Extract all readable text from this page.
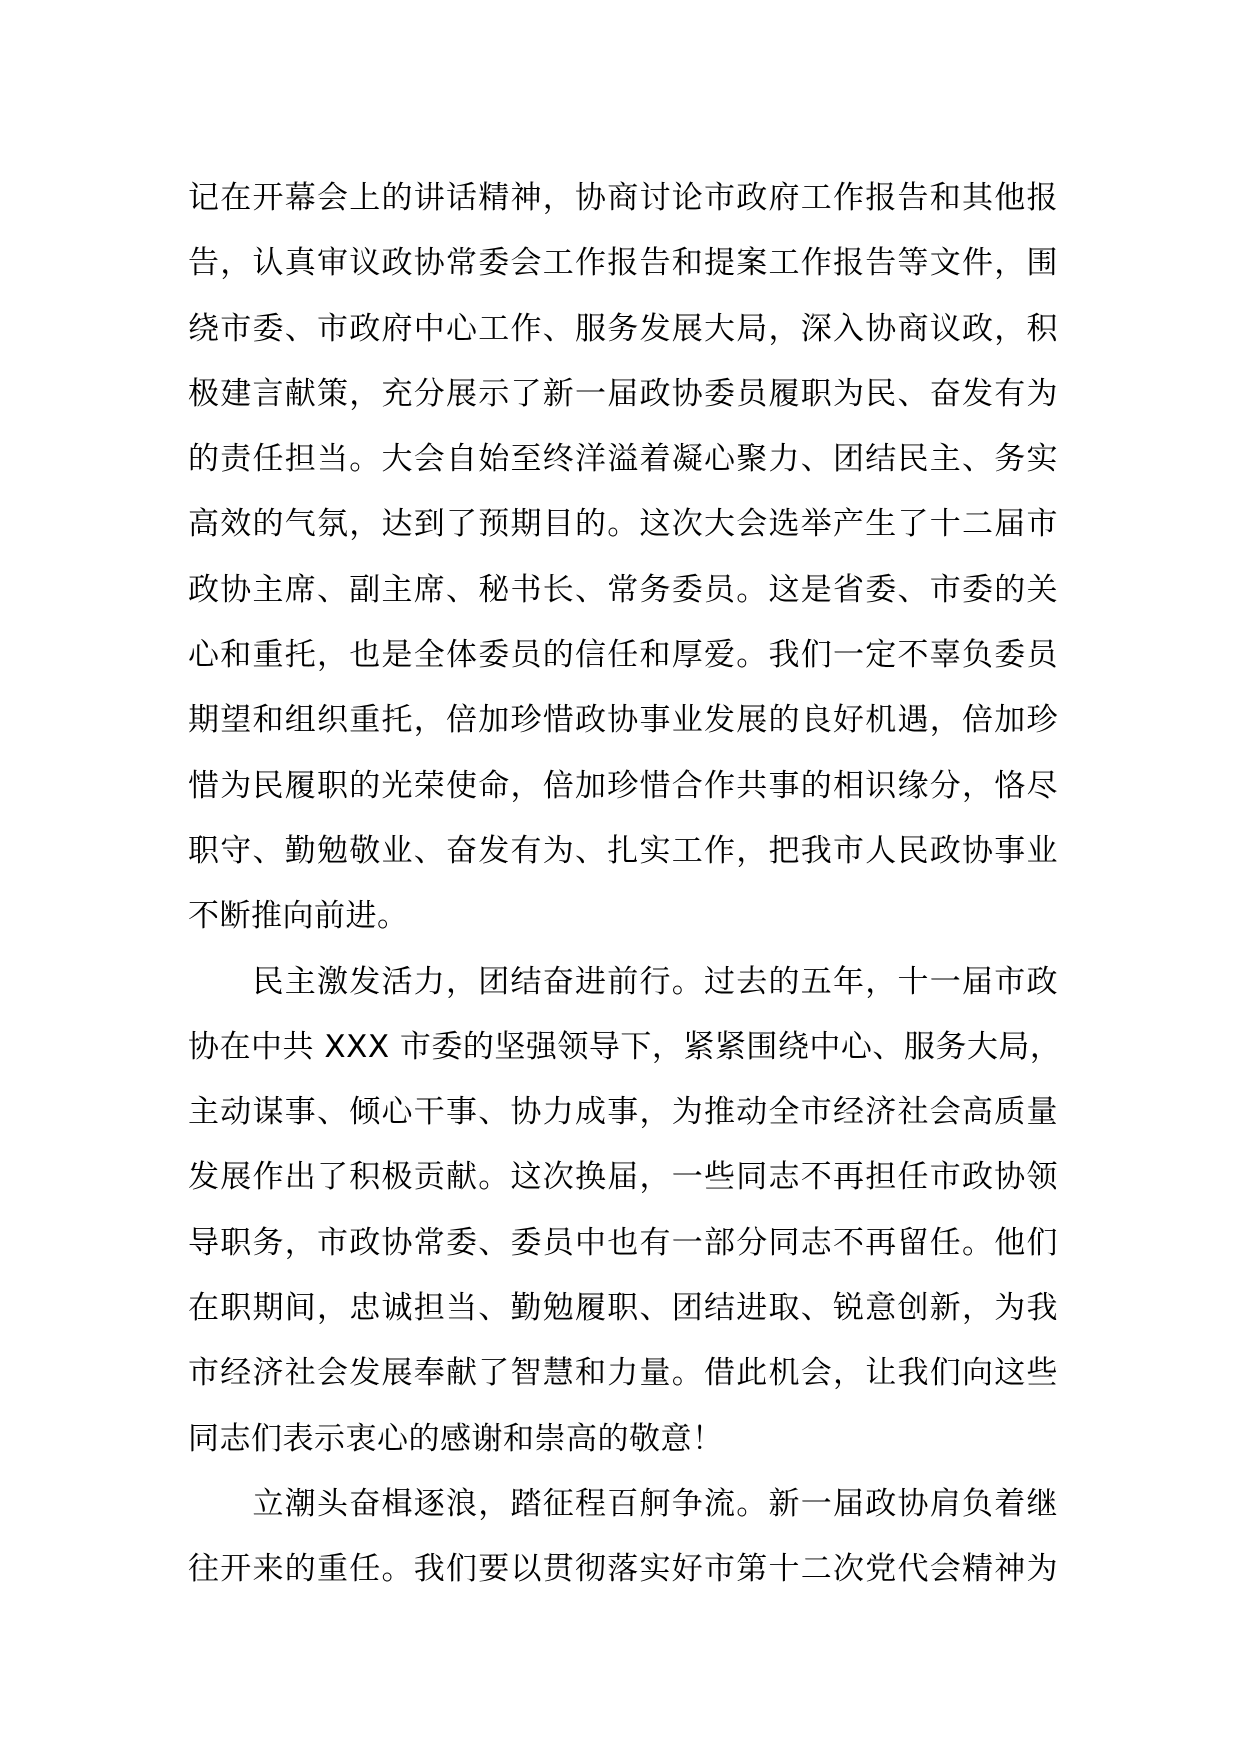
记在开幕会上的讲话精神，协商讨论市政府工作报告和其他报
告，认真审议政协常委会工作报告和提案工作报告等文件，围
绕市委、市政府中心工作、服务发展大局，深入协商议政，积
极建言献策，充分展示了新一届政协委员履职为民、奋发有为
的责任担当。大会自始至终洋溢着凝心聚力、团结民主、务实
高效的气氛，达到了预期目的。这次大会选举产生了十二届市
政协主席、副主席、秘书长、常务委员。这是省委、市委的关
心和重托，也是全体委员的信任和厚爱。我们一定不辜负委员
期望和组织重托，倍加珍惜政协事业发展的良好机遇，倍加珍
惜为民履职的光荣使命，倍加珍惜合作共事的相识缘分，恪尽
职守、勤勉敬业、奋发有为、扎实工作，把我市人民政协事业
不断推向前进。
　　民主激发活力，团结奋进前行。过去的五年，十一届市政
协在中共 XXX 市委的坚强领导下，紧紧围绕中心、服务大局，
主动谋事、倾心干事、协力成事，为推动全市经济社会高质量
发展作出了积极贡献。这次换届，一些同志不再担任市政协领
导职务，市政协常委、委员中也有一部分同志不再留任。他们
在职期间，忠诚担当、勤勉履职、团结进取、锐意创新，为我
市经济社会发展奉献了智慧和力量。借此机会，让我们向这些
同志们表示衷心的感谢和崇高的敬意！
　　立潮头奋楫逐浪，踏征程百舸争流。新一届政协肩负着继
往开来的重任。我们要以贯彻落实好市第十二次党代会精神为
